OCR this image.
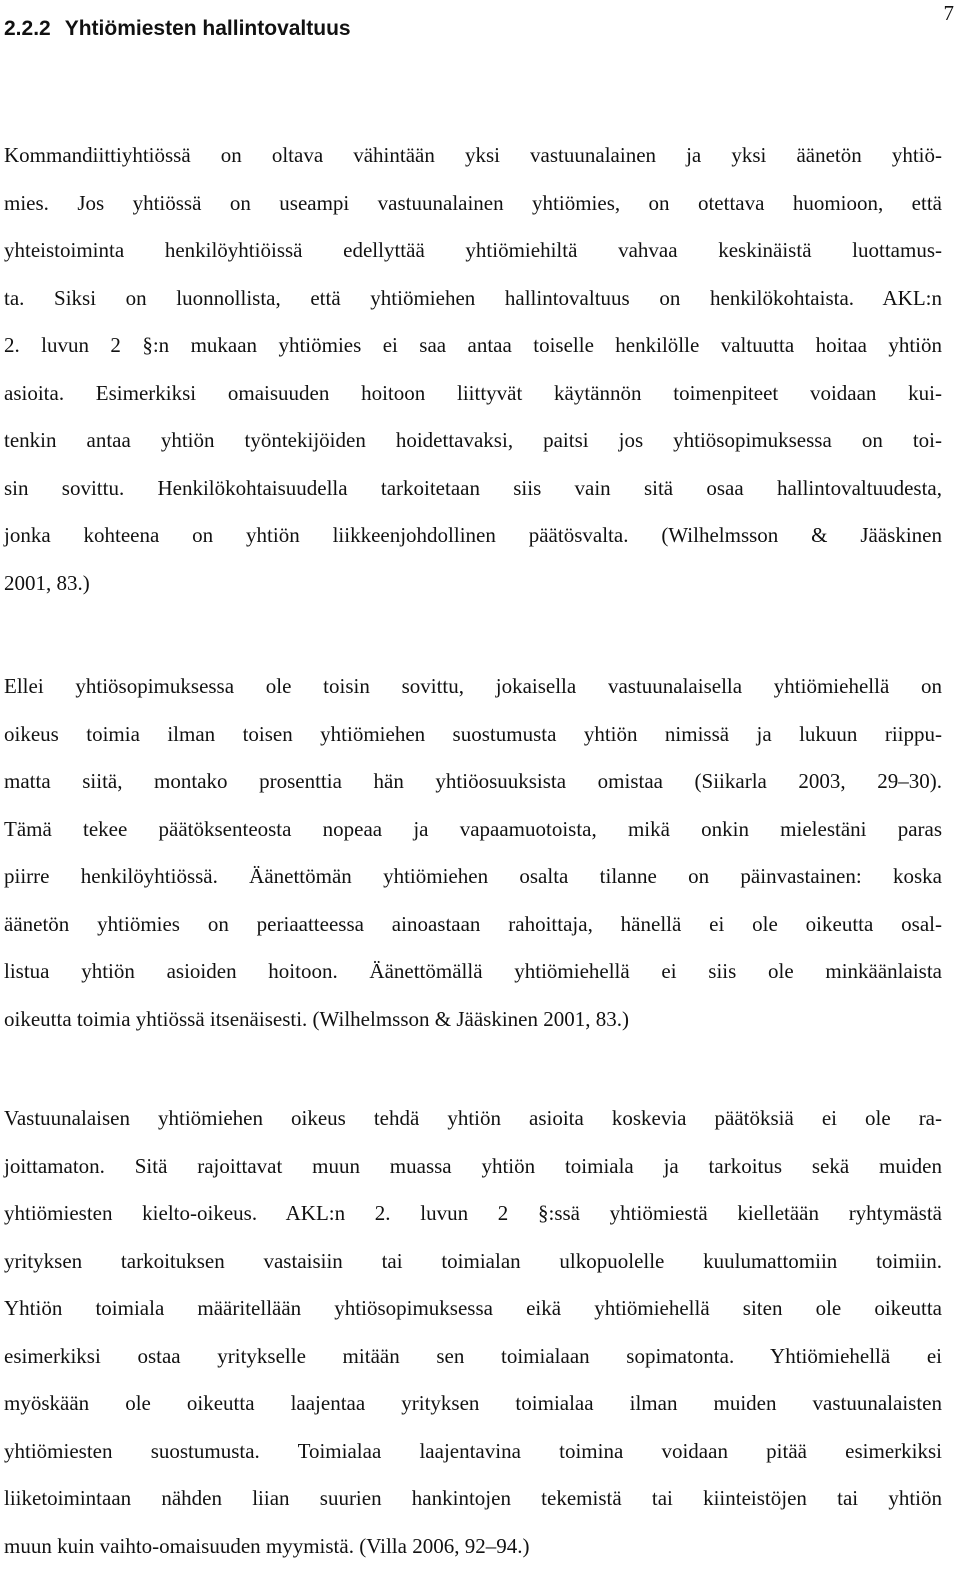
7
2.2.2 Yhtiömiesten hallintovaltuus
Kommandiittiyhtiössä on oltava vähintään yksi vastuunalainen ja yksi äänetön yhtiö-
mies. Jos yhtiössä on useampi vastuunalainen yhtiömies, on otettava huomioon, että
yhteistoiminta henkilöyhtiöissä edellyttää yhtiömiehiltä vahvaa keskinäistä luottamus-
ta. Siksi on luonnollista, että yhtiömiehen hallintovaltuus on henkilökohtaista. AKL:n
2. luvun 2 §:n mukaan yhtiömies ei saa antaa toiselle henkilölle valtuutta hoitaa yhtiön
asioita. Esimerkiksi omaisuuden hoitoon liittyvät käytännön toimenpiteet voidaan kui-
tenkin antaa yhtiön työntekijöiden hoidettavaksi, paitsi jos yhtiösopimuksessa on toi-
sin sovittu. Henkilökohtaisuudella tarkoitetaan siis vain sitä osaa hallintovaltuudesta,
jonka kohteena on yhtiön liikkeenjohdollinen päätösvalta. (Wilhelmsson & Jääskinen
2001, 83.)
Ellei yhtiösopimuksessa ole toisin sovittu, jokaisella vastuunalaisella yhtiömiehellä on
oikeus toimia ilman toisen yhtiömiehen suostumusta yhtiön nimissä ja lukuun riippu-
matta siitä, montako prosenttia hän yhtiöosuuksista omistaa (Siikarla 2003, 29–30).
Tämä tekee päätöksenteosta nopeaa ja vapaamuotoista, mikä onkin mielestäni paras
piirre henkilöyhtiössä. Äänettömän yhtiömiehen osalta tilanne on päinvastainen: koska
äänetön yhtiömies on periaatteessa ainoastaan rahoittaja, hänellä ei ole oikeutta osal-
listua yhtiön asioiden hoitoon. Äänettömällä yhtiömiehellä ei siis ole minkäänlaista
oikeutta toimia yhtiössä itsenäisesti. (Wilhelmsson & Jääskinen 2001, 83.)
Vastuunalaisen yhtiömiehen oikeus tehdä yhtiön asioita koskevia päätöksiä ei ole ra-
joittamaton. Sitä rajoittavat muun muassa yhtiön toimiala ja tarkoitus sekä muiden
yhtiömiesten kielto-oikeus. AKL:n 2. luvun 2 §:ssä yhtiömiestä kielletään ryhtymästä
yrityksen tarkoituksen vastaisiin tai toimialan ulkopuolelle kuulumattomiin toimiin.
Yhtiön toimiala määritellään yhtiösopimuksessa eikä yhtiömiehellä siten ole oikeutta
esimerkiksi ostaa yritykselle mitään sen toimialaan sopimatonta. Yhtiömiehellä ei
myöskään ole oikeutta laajentaa yrityksen toimialaa ilman muiden vastuunalaisten
yhtiömiesten suostumusta. Toimialaa laajentavina toimina voidaan pitää esimerkiksi
liiketoimintaan nähden liian suurien hankintojen tekemistä tai kiinteistöjen tai yhtiön
muun kuin vaihto-omaisuuden myymistä. (Villa 2006, 92–94.)
